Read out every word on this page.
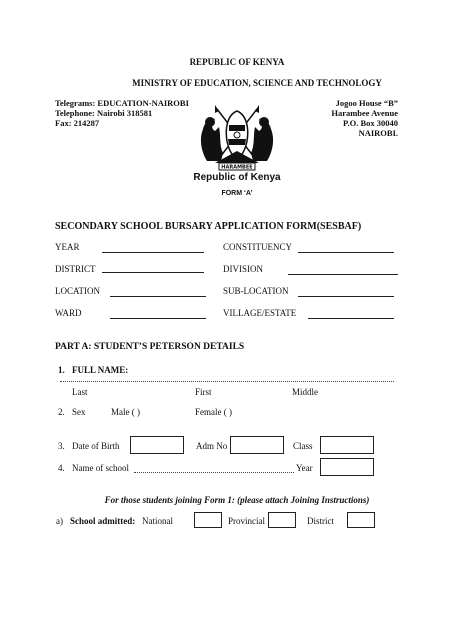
REPUBLIC OF KENYA
MINISTRY OF EDUCATION, SCIENCE AND TECHNOLOGY
Telegrams: EDUCATION-NAIROBI
Telephone: Nairobi 318581
Fax: 214287
Jogoo House “B”
Harambee Avenue
P.O. Box 30040
NAIROBI.
HARAMBEE
Republic of Kenya
FORM ‘A’
SECONDARY SCHOOL BURSARY APPLICATION FORM(SESBAF)
YEAR	CONSTITUENCY
DISTRICT	DIVISION
LOCATION	SUB-LOCATION
WARD	VILLAGE/ESTATE
PART A: STUDENT’S PETERSON DETAILS
1. FULL NAME:
Last	First	Middle
2. Sex	Male ( )	Female ( )
3. Date of Birth	Adm No	Class
4. Name of school	Year
For those students joining Form 1: (please attach Joining Instructions)
a) School admitted: National	Provincial	District
